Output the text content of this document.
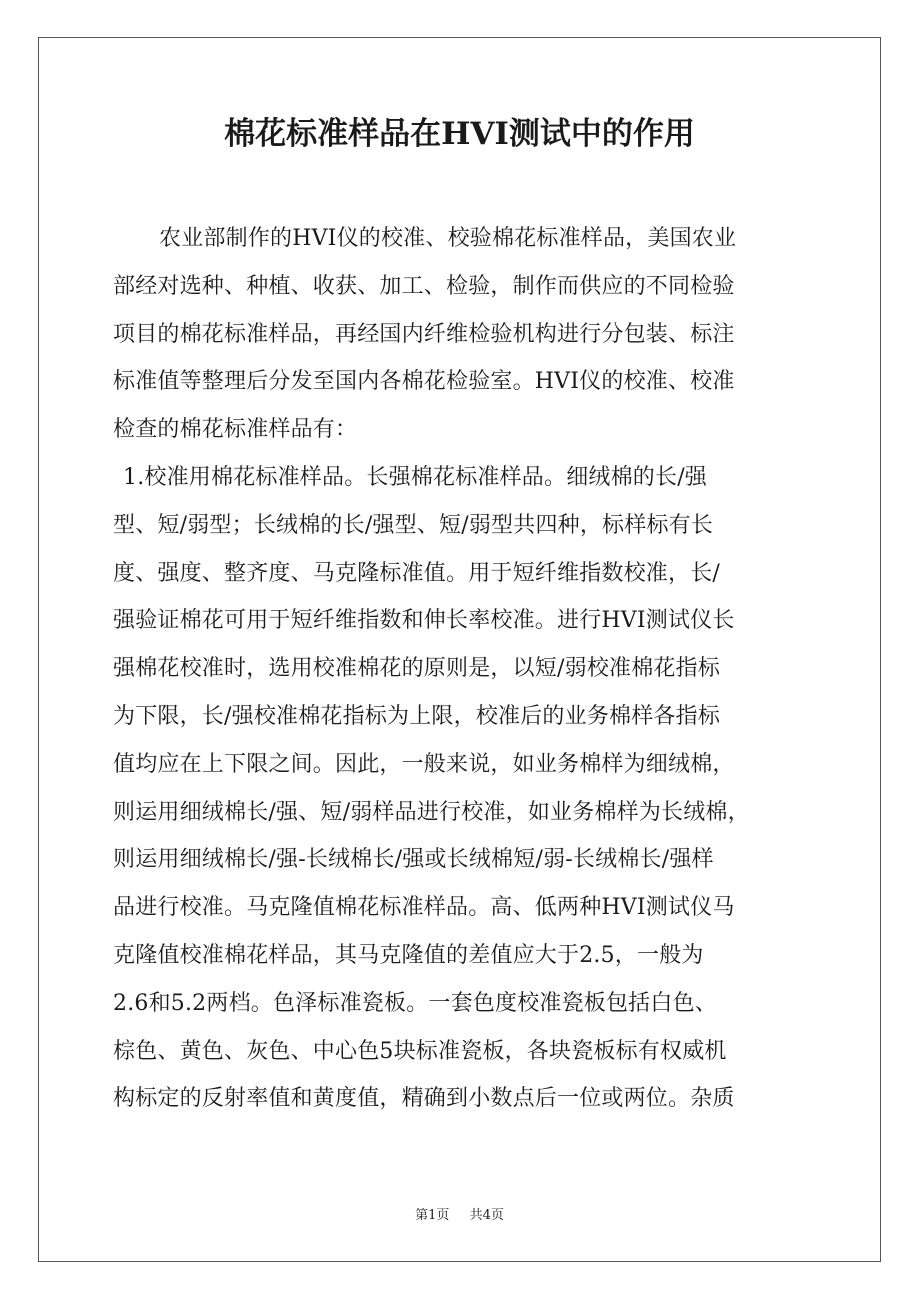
棉花标准样品在HVI测试中的作用
农业部制作的HVI仪的校准、校验棉花标准样品，美国农业
部经对选种、种植、收获、加工、检验，制作而供应的不同检验
项目的棉花标准样品，再经国内纤维检验机构进行分包装、标注
标准值等整理后分发至国内各棉花检验室。HVI仪的校准、校准
检查的棉花标准样品有：
1.校准用棉花标准样品。长强棉花标准样品。细绒棉的长/强
型、短/弱型；长绒棉的长/强型、短/弱型共四种，标样标有长
度、强度、整齐度、马克隆标准值。用于短纤维指数校准，长/
强验证棉花可用于短纤维指数和伸长率校准。进行HVI测试仪长
强棉花校准时，选用校准棉花的原则是，以短/弱校准棉花指标
为下限，长/强校准棉花指标为上限，校准后的业务棉样各指标
值均应在上下限之间。因此，一般来说，如业务棉样为细绒棉，
则运用细绒棉长/强、短/弱样品进行校准，如业务棉样为长绒棉，
则运用细绒棉长/强-长绒棉长/强或长绒棉短/弱-长绒棉长/强样
品进行校准。马克隆值棉花标准样品。高、低两种HVI测试仪马
克隆值校准棉花样品，其马克隆值的差值应大于2.5，一般为
2.6和5.2两档。色泽标准瓷板。一套色度校准瓷板包括白色、
棕色、黄色、灰色、中心色5块标准瓷板，各块瓷板标有权威机
构标定的反射率值和黄度值，精确到小数点后一位或两位。杂质
第1页 共4页
